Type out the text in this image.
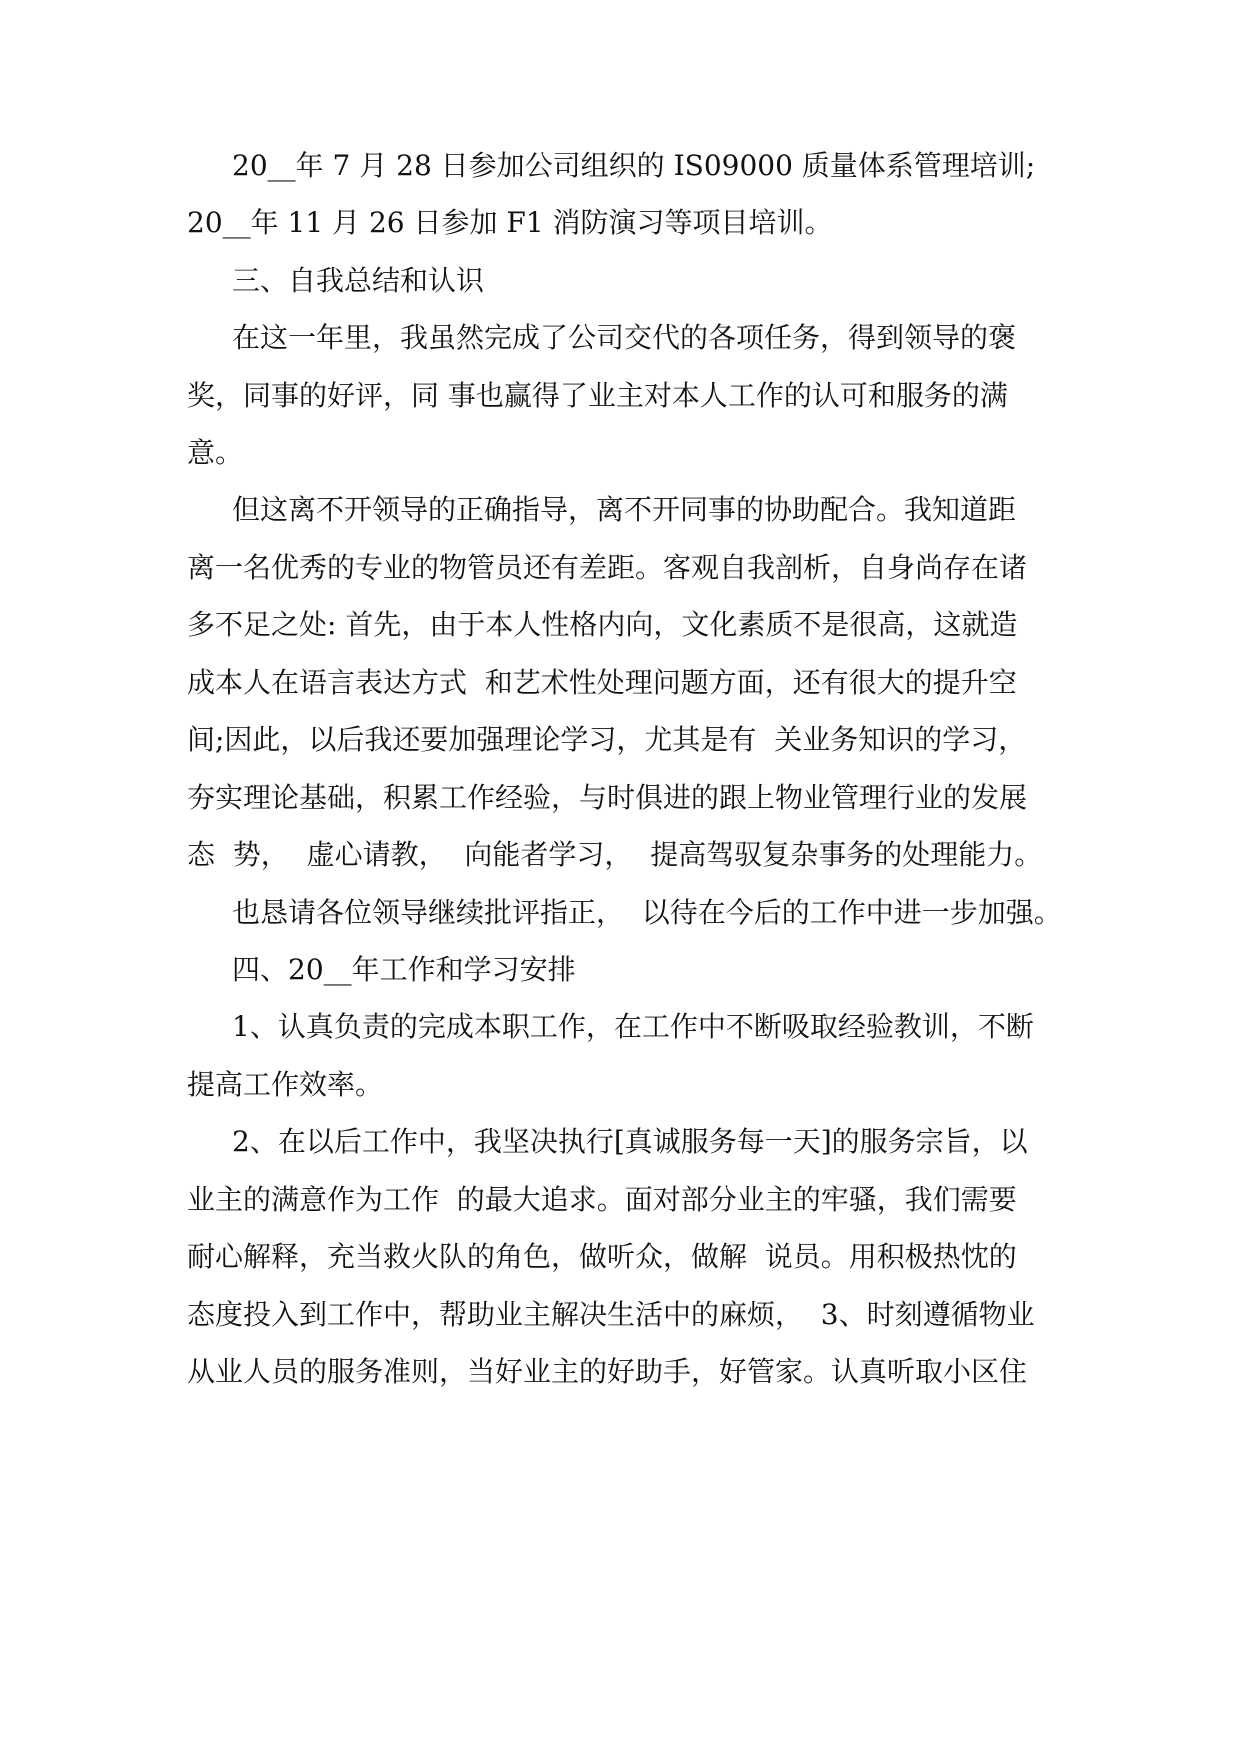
20__年 7 月 28 日参加公司组织的 IS09000 质量体系管理培训;

20__年 11 月 26 日参加 F1 消防演习等项目培训。

三、自我总结和认识

在这一年里，我虽然完成了公司交代的各项任务，得到领导的褒

奖，同事的好评，同 事也赢得了业主对本人工作的认可和服务的满

意。

但这离不开领导的正确指导，离不开同事的协助配合。我知道距

离一名优秀的专业的物管员还有差距。客观自我剖析，自身尚存在诸

多不足之处: 首先，由于本人性格内向，文化素质不是很高，这就造

成本人在语言表达方式  和艺术性处理问题方面，还有很大的提升空

间;因此，以后我还要加强理论学习，尤其是有  关业务知识的学习，

夯实理论基础，积累工作经验，与时俱进的跟上物业管理行业的发展

态  势，  虚心请教，  向能者学习，  提高驾驭复杂事务的处理能力。

也恳请各位领导继续批评指正，  以待在今后的工作中进一步加强。

四、20__年工作和学习安排

1、认真负责的完成本职工作，在工作中不断吸取经验教训，不断

提高工作效率。

2、在以后工作中，我坚决执行[真诚服务每一天]的服务宗旨，以

业主的满意作为工作  的最大追求。面对部分业主的牢骚，我们需要

耐心解释，充当救火队的角色，做听众，做解  说员。用积极热忱的

态度投入到工作中，帮助业主解决生活中的麻烦，  3、时刻遵循物业

从业人员的服务准则，当好业主的好助手，好管家。认真听取小区住
